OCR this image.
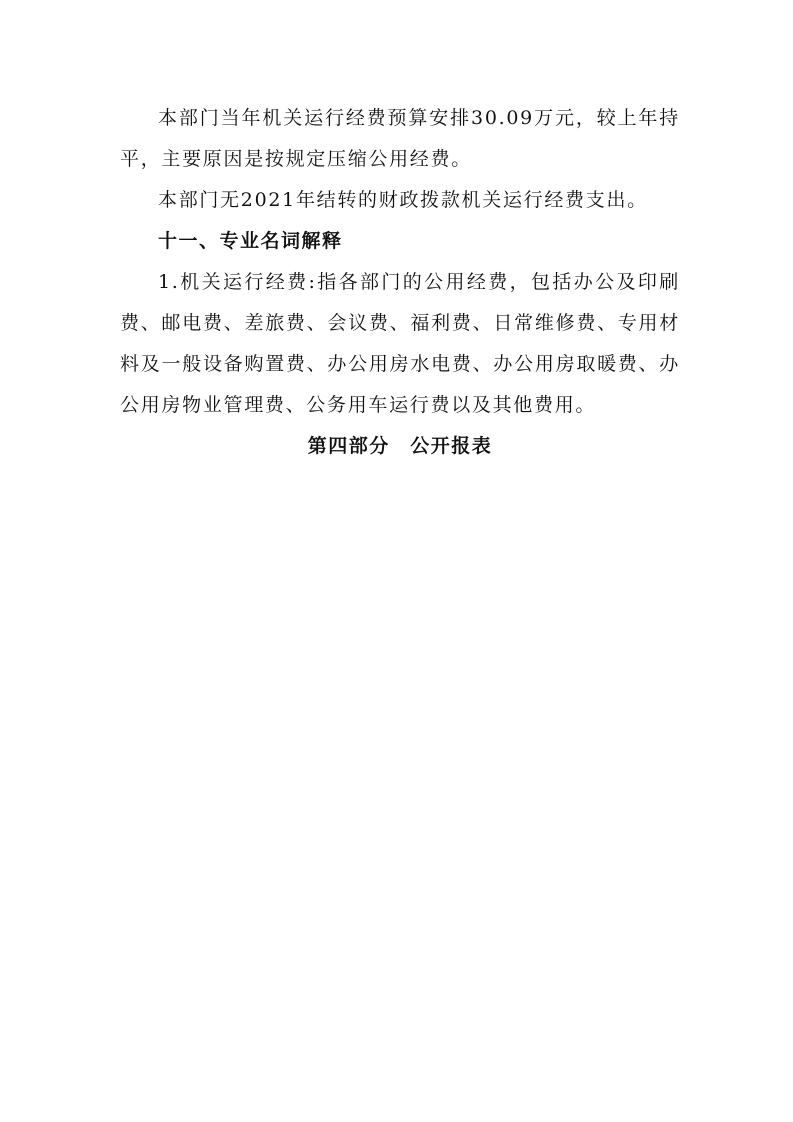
本部门当年机关运行经费预算安排30.09万元，较上年持平，主要原因是按规定压缩公用经费。

本部门无2021年结转的财政拨款机关运行经费支出。

十一、专业名词解释

1.机关运行经费:指各部门的公用经费，包括办公及印刷费、邮电费、差旅费、会议费、福利费、日常维修费、专用材料及一般设备购置费、办公用房水电费、办公用房取暖费、办公用房物业管理费、公务用车运行费以及其他费用。

第四部分　公开报表
